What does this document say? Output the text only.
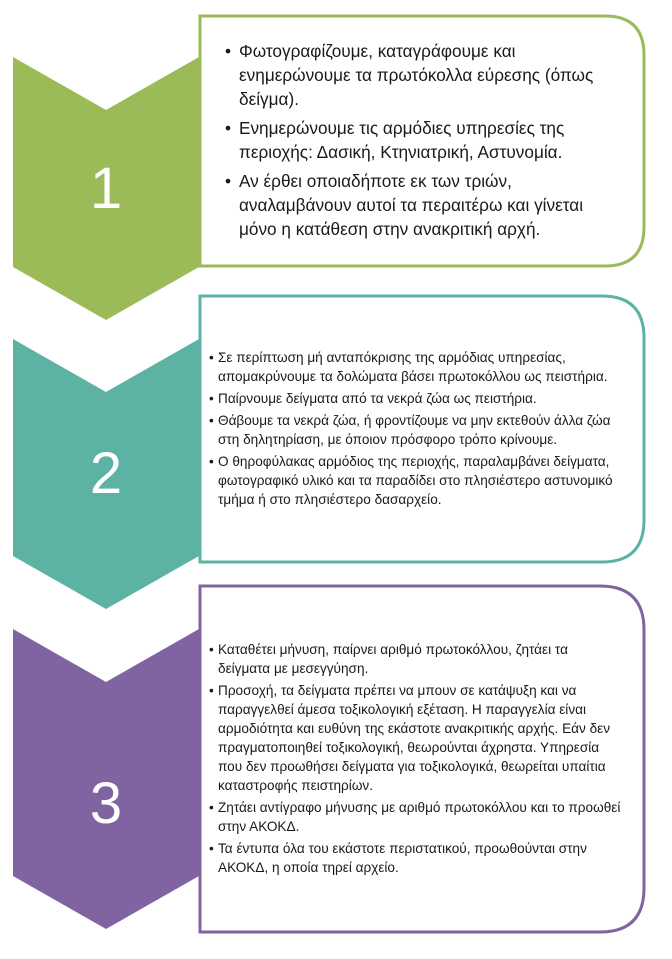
1
2
3
• Φωτογραφίζουμε, καταγράφουμε και ενημερώνουμε τα πρωτόκολλα εύρεσης (όπως δείγμα).
• Ενημερώνουμε τις αρμόδιες υπηρεσίες της περιοχής: Δασική, Κτηνιατρική, Αστυνομία.
• Αν έρθει οποιαδήποτε εκ των τριών, αναλαμβάνουν αυτοί τα περαιτέρω και γίνεται μόνο η κατάθεση στην ανακριτική αρχή.
• Σε περίπτωση μή ανταπόκρισης της αρμόδιας υπηρεσίας, απομακρύνουμε τα δολώματα βάσει πρωτοκόλλου ως πειστήρια.
• Παίρνουμε δείγματα από τα νεκρά ζώα ως πειστήρια.
• Θάβουμε τα νεκρά ζώα, ή φροντίζουμε να μην εκτεθούν άλλα ζώα στη δηλητηρίαση, με όποιον πρόσφορο τρόπο κρίνουμε.
• Ο θηροφύλακας αρμόδιος της περιοχής, παραλαμβάνει δείγματα, φωτογραφικό υλικό και τα παραδίδει στο πλησιέστερο αστυνομικό τμήμα ή στο πλησιέστερο δασαρχείο.
• Καταθέτει μήνυση, παίρνει αριθμό πρωτοκόλλου, ζητάει τα δείγματα με μεσεγγύηση.
• Προσοχή, τα δείγματα πρέπει να μπουν σε κατάψυξη και να παραγγελθεί άμεσα τοξικολογική εξέταση. Η παραγγελία είναι αρμοδιότητα και ευθύνη της εκάστοτε ανακριτικής αρχής. Εάν δεν πραγματοποιηθεί τοξικολογική, θεωρούνται άχρηστα. Υπηρεσία που δεν προωθήσει δείγματα για τοξικολογικά, θεωρείται υπαίτια καταστροφής πειστηρίων.
• Ζητάει αντίγραφο μήνυσης με αριθμό πρωτοκόλλου και το προωθεί στην ΑΚΟΚΔ.
• Τα έντυπα όλα του εκάστοτε περιστατικού, προωθούνται στην ΑΚΟΚΔ, η οποία τηρεί αρχείο.
